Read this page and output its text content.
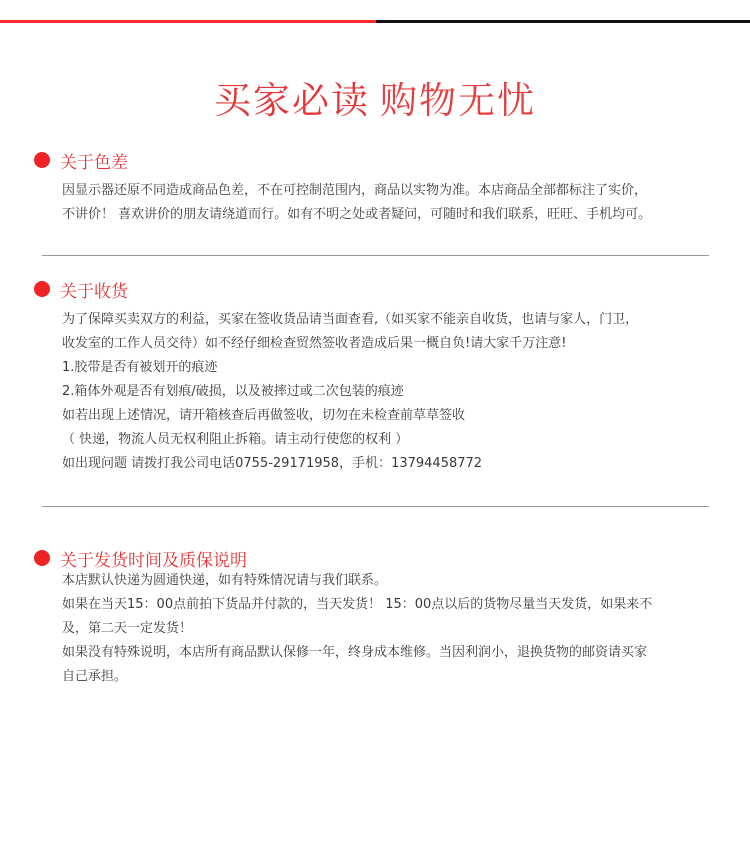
买家必读 购物无忧
关于色差
因显示器还原不同造成商品色差，不在可控制范围内，商品以实物为准。本店商品全部都标注了实价，
不讲价！ 喜欢讲价的朋友请绕道而行。如有不明之处或者疑问，可随时和我们联系，旺旺、手机均可。
关于收货
为了保障买卖双方的利益，买家在签收货品请当面查看,（如买家不能亲自收货，也请与家人，门卫，
收发室的工作人员交待）如不经仔细检查贸然签收者造成后果一概自负!请大家千万注意!
1.胶带是否有被划开的痕迹
2.箱体外观是否有划痕/破损，以及被摔过或二次包装的痕迹
如若出现上述情况，请开箱核查后再做签收，切勿在未检查前草草签收
（ 快递，物流人员无权利阻止拆箱。请主动行使您的权利 ）
如出现问题 请拨打我公司电话0755-29171958，手机：13794458772
关于发货时间及质保说明
本店默认快递为圆通快递，如有特殊情况请与我们联系。
如果在当天15：00点前拍下货品并付款的，当天发货！ 15：00点以后的货物尽量当天发货，如果来不
及，第二天一定发货！
如果没有特殊说明，本店所有商品默认保修一年，终身成本维修。当因利润小，退换货物的邮资请买家
自己承担。
